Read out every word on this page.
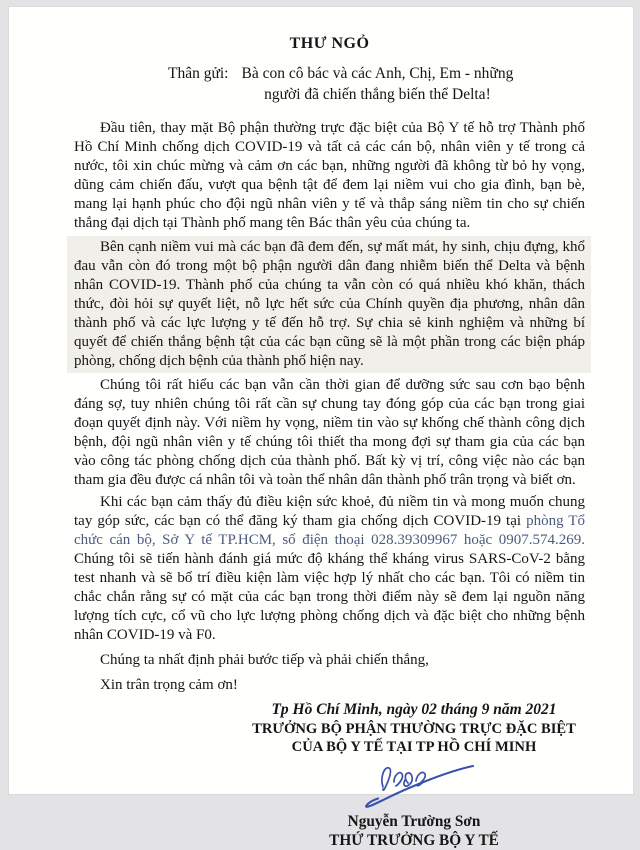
THƯ NGỎ
Thân gửi: Bà con cô bác và các Anh, Chị, Em - những
người đã chiến thắng biến thể Delta!

Đầu tiên, thay mặt Bộ phận thường trực đặc biệt của Bộ Y tế hỗ trợ Thành phố Hồ Chí Minh chống dịch COVID-19 và tất cả các cán bộ, nhân viên y tế trong cả nước, tôi xin chúc mừng và cảm ơn các bạn, những người đã không từ bỏ hy vọng, dũng cảm chiến đấu, vượt qua bệnh tật để đem lại niềm vui cho gia đình, bạn bè, mang lại hạnh phúc cho đội ngũ nhân viên y tế và thắp sáng niềm tin cho sự chiến thắng đại dịch tại Thành phố mang tên Bác thân yêu của chúng ta.

Bên cạnh niềm vui mà các bạn đã đem đến, sự mất mát, hy sinh, chịu đựng, khổ đau vẫn còn đó trong một bộ phận người dân đang nhiễm biến thể Delta và bệnh nhân COVID-19. Thành phố của chúng ta vẫn còn có quá nhiều khó khăn, thách thức, đòi hỏi sự quyết liệt, nỗ lực hết sức của Chính quyền địa phương, nhân dân thành phố và các lực lượng y tế đến hỗ trợ. Sự chia sẻ kinh nghiệm và những bí quyết để chiến thắng bệnh tật của các bạn cũng sẽ là một phần trong các biện pháp phòng, chống dịch bệnh của thành phố hiện nay.

Chúng tôi rất hiểu các bạn vẫn cần thời gian để dưỡng sức sau cơn bạo bệnh đáng sợ, tuy nhiên chúng tôi rất cần sự chung tay đóng góp của các bạn trong giai đoạn quyết định này. Với niềm hy vọng, niềm tin vào sự khống chế thành công dịch bệnh, đội ngũ nhân viên y tế chúng tôi thiết tha mong đợi sự tham gia của các bạn vào công tác phòng chống dịch của thành phố. Bất kỳ vị trí, công việc nào các bạn tham gia đều được cá nhân tôi và toàn thể nhân dân thành phố trân trọng và biết ơn.

Khi các bạn cảm thấy đủ điều kiện sức khoẻ, đủ niềm tin và mong muốn chung tay góp sức, các bạn có thể đăng ký tham gia chống dịch COVID-19 tại phòng Tổ chức cán bộ, Sở Y tế TP.HCM, số điện thoại 028.39309967 hoặc 0907.574.269. Chúng tôi sẽ tiến hành đánh giá mức độ kháng thể kháng virus SARS-CoV-2 bằng test nhanh và sẽ bố trí điều kiện làm việc hợp lý nhất cho các bạn. Tôi có niềm tin chắc chắn rằng sự có mặt của các bạn trong thời điểm này sẽ đem lại nguồn năng lượng tích cực, cổ vũ cho lực lượng phòng chống dịch và đặc biệt cho những bệnh nhân COVID-19 và F0.

Chúng ta nhất định phải bước tiếp và phải chiến thắng,

Xin trân trọng cảm ơn!

Tp Hồ Chí Minh, ngày 02 tháng 9 năm 2021
TRƯỞNG BỘ PHẬN THƯỜNG TRỰC ĐẶC BIỆT
CỦA BỘ Y TẾ TẠI TP HỒ CHÍ MINH
Nguyễn Trường Sơn
THỨ TRƯỞNG BỘ Y TẾ
